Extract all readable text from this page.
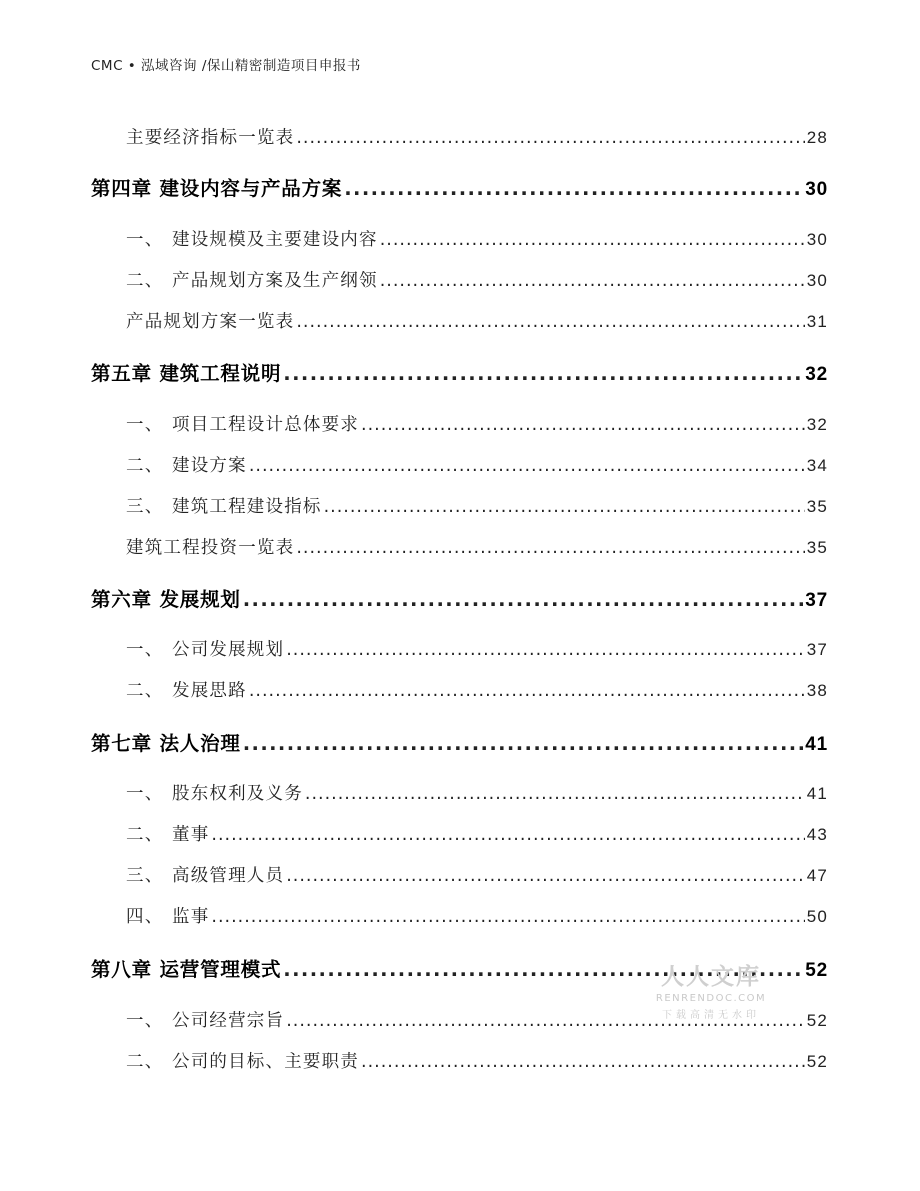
CMC • 泓域咨询 /保山精密制造项目申报书
主要经济指标一览表 .....	28
第四章 建设内容与产品方案 .....	30
一、 建设规模及主要建设内容 .....	30
二、 产品规划方案及生产纲领 .....	30
产品规划方案一览表 .....	31
第五章 建筑工程说明 .....	32
一、 项目工程设计总体要求 .....	32
二、 建设方案 .....	34
三、 建筑工程建设指标 .....	35
建筑工程投资一览表 .....	35
第六章 发展规划 .....	37
一、 公司发展规划 .....	37
二、 发展思路 .....	38
第七章 法人治理 .....	41
一、 股东权利及义务 .....	41
二、 董事 .....	43
三、 高级管理人员 .....	47
四、 监事 .....	50
第八章 运营管理模式 .....	52
一、 公司经营宗旨 .....	52
二、 公司的目标、主要职责 .....	52
人人文库
RENRENDOC.COM
下载高清无水印
